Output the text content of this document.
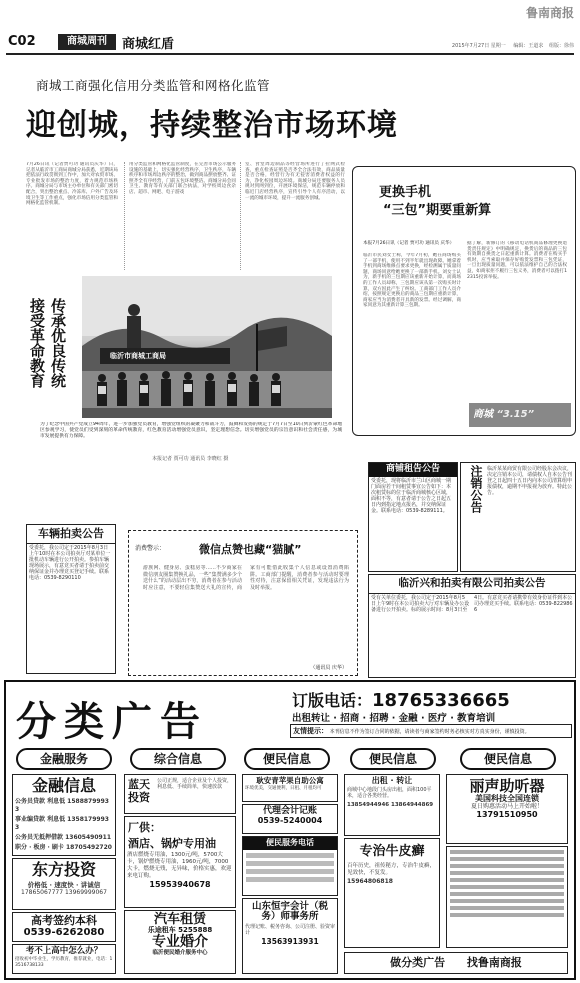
鲁南商报
C02	商城周刊	商城红盾	2015年7月27日 星期一 编辑：王道求 组版：徐伟
商城工商强化信用分类监管和网格化监管
迎创城，持续整治市场环境
7月26日讯（记者贾可功 通讯员庆华）日，记者从临沂市工商局商城分局获悉，近期该局把依法行政贯彻到工作中，加大对农贸市场、专业批发市场的整治力度，着力规范市场秩序。商城分局与市场主办单位和有关部门密切配合，突出整治重点、冷冻库、户外广告及环境卫生等工作重点，强化市场信用分类监管和网格化监管机制。
用分类监管和网格化监管制度，在完善市场公示服务设施的基础上，切实强化经营秩序，卫生秩序，车辆秩序和市场周边秩序的整治，做到商品摆放整齐、证照齐全有序经营，门前五包环境整洁。商城分局会同卫生、教育等有关部门联合执法，对学校周边食杂店、超市、网吧、电子游戏
室、食堂周边制品等经营场所进行了拉网式检查，重点检查证照是否齐全合法有效，商品质量是否合格，经营行为有无侵害消费者权益的行为，净化校园周边环境。商城分局还要服务人员规对到网到位，开展环境保洁，规范车辆停放和临近门店经营秩序，宣传引导个人有序活动，以一流的城市环境，提升一流服务创城。
传承优良传统
接受革命教育	临沂市商城工商局
为了纪念中国共产党成立94周年，进一步加强党员教育，增强党组织的凝聚力和战斗力，鼓舞和发扬的规定于7月7日至10日到沂蒙红色革命地区参观学习，使党员们受到深刻的革命传统教育，红色教育活动增强党员意识，坚定理想信念。切实增强党员的宗旨意识和社会责任感，为城市发展提供有力保障。
本报记者 贾可功 通讯员 李晓红 摄
更换手机
“三包”期要重新算
本报7月26日讯（记者 贾可功 通讯员 庆华）
临沂市民刘女士称，今年7月初，她在商场购买了一部手机，使用不到半年就出现故障。她拿着手机到商场维修点要求更换，经检测属于质量问题，商场同意给她更换了一部新手机。刘女士认为，新手机的三包期应该重新开始计算，而商场的工作人员却称，三包期应该从第一次购买时计算，双方因此产生了纠纷。工商部门工作人员介绍，按照规定更换后的商品三包期应重新计算，商家应当为消费者开具新的发票。经过调解，商家同意为其重新计算三包期。
据了解，新修订的《移动电话机商品修理更换退货责任规定》中明确规定，换货后的商品的三包有效期自换货之日起重新计算。消费者在购买手机时，应当索取并保存好购货发票和三包凭证，一旦出现质量问题，可以依法维护自己的合法权益，如商家拒不履行三包义务，消费者可以拨打12315投诉举报。
商城 “3.15”
商铺租告公告
受委托，现将临沂市兰山区商城一期门面房若干间租赁事宜公告如下：本次租赁标的位于临沂商城核心区域，面积不等，有意者请于公告之日起五日内到指定地点报名，并交纳保证金。联系电话：0539-8289111。	注销公告 临沂某某商贸有限公司经股东会决议，决定注销本公司，请债权人自本公告刊登之日起四十五日内向本公司清算组申报债权，逾期不申报视为放弃。特此公告。
临沂兴和拍卖有限公司拍卖公告
受有关单位委托，我公司定于2015年8月5日上午9时在本公司拍卖大厅对车辆及办公设备进行公开拍卖。标的展示时间：8月3日至4日。有意竞买者请携带有效身份证件到本公司办理竞买手续。联系电话：0539-8229866
车辆拍卖公告
受委托，我公司定于2015年8月3日上午10时在本公司拍卖厅对某单位一批机动车辆进行公开拍卖。参拍车辆现场展示，有意竞买者请于拍卖前交纳保证金并办理竞买登记手续。联系电话：0539-8290110
消费警示：	微信点赞也藏“猫腻”
游族网、健身房、蛋糕房等……不少商家在微信朋友圈集赞换礼品，一些“集赞满多少个送什么”的活动层出不穷，消费者在参与活动时应注意，不要轻信集赞送大礼的宣传，商家有可能借此收集个人信息或设置消费陷阱。工商部门提醒，消费者参与活动时要理性对待，注意保留相关凭证，发现违法行为及时举报。
（通讯员 庆华）
分类广告	订版电话：18765336665
出租转让 · 招商 · 招聘 · 金融 · 医疗 · 教育培训
友情提示： 本刊信息不作为签订合同的依据，请读者与商家签约时务必核实对方真实身份，谨慎投资。
金融服务	综合信息	便民信息	便民信息	便民信息
金融信息
公务员贷款 利息低 15888799933
事业编贷款 利息低 13581799933
公务员无抵押借款 13605490911
职分 · 板房 · 刷卡 18705492720
东方投资
价格低 · 速度快 · 讲诚信
17865067777 13969999067
高考签约本科
0539-6262080
考不上高中怎么办？
招收初中毕业生，学历教育，推荐就业，电话：13516738133
蓝天投资
公司正规，适合企业及个人投资，利息低、手续简单，快速放款
厂供：
酒店、锅炉专用油
酒店燃烧专用油，1300元/吨，5700大卡，锅炉燃烧专用油，1960元/吨，7000大卡，燃烧无残，无异味，价格实惠，欢迎来电订购。
15953940678
汽车租赁
乐途租车 5255888
专业婚介
临沂便民婚介服务中心
耿安青苹果自助公寓
环境优美，交通便利，日租、月租均可
代理会计记账
0539-5240004
便民服务电话
山东恒宇会计（税务）师事务所
代理记账、税务咨询、公司注册、验资审计
13563913931
出租 · 转让
商城中心地段门头房出租，面积100平米，适合各类经营。
13854944946 13864944869
专治牛皮癣
百年历史，祖传秘方，专治牛皮癣，见效快，不复发。
15964806818
丽声助听器
美国科技全国连锁
夏日购惠活动马上开始啦！
13791510950
做分类广告 找鲁南商报
